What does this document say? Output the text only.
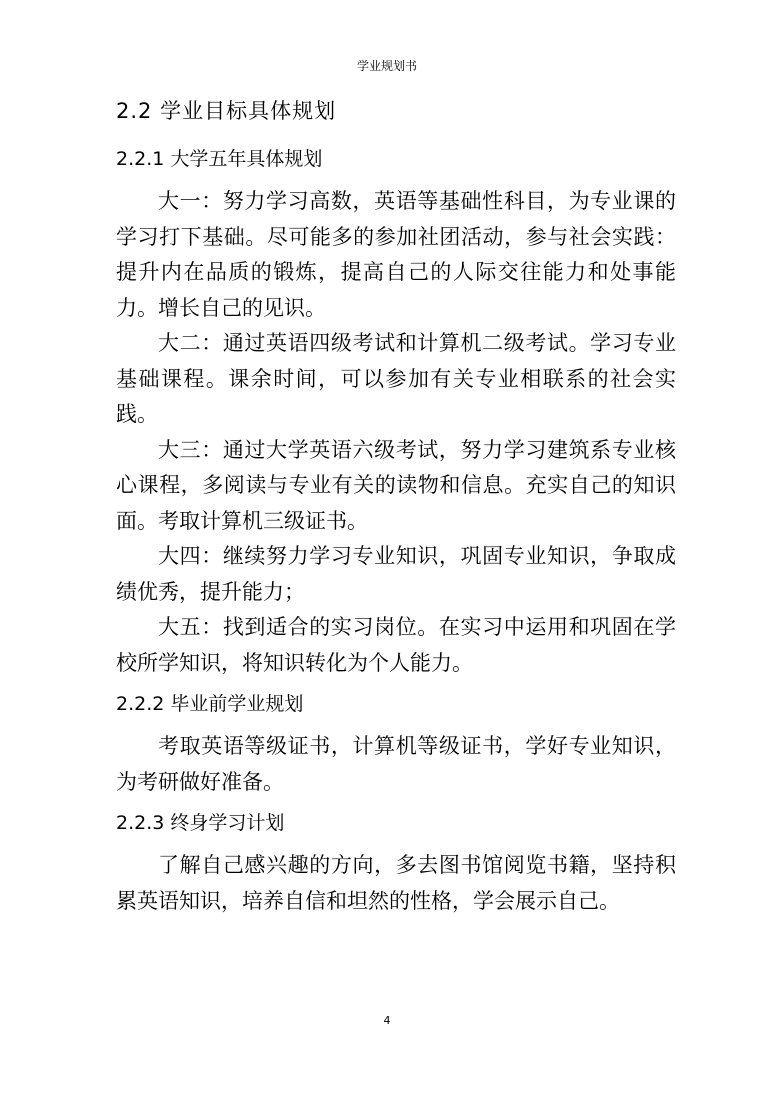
学业规划书
2.2 学业目标具体规划
2.2.1 大学五年具体规划

大一：努力学习高数，英语等基础性科目，为专业课的学习打下基础。尽可能多的参加社团活动，参与社会实践：提升内在品质的锻炼，提高自己的人际交往能力和处事能力。增长自己的见识。

大二：通过英语四级考试和计算机二级考试。学习专业基础课程。课余时间，可以参加有关专业相联系的社会实践。

大三：通过大学英语六级考试，努力学习建筑系专业核心课程，多阅读与专业有关的读物和信息。充实自己的知识面。考取计算机三级证书。

大四：继续努力学习专业知识，巩固专业知识，争取成绩优秀，提升能力；

大五：找到适合的实习岗位。在实习中运用和巩固在学校所学知识，将知识转化为个人能力。

2.2.2 毕业前学业规划

考取英语等级证书，计算机等级证书，学好专业知识，为考研做好准备。

2.2.3 终身学习计划

了解自己感兴趣的方向，多去图书馆阅览书籍，坚持积累英语知识，培养自信和坦然的性格，学会展示自己。

4
